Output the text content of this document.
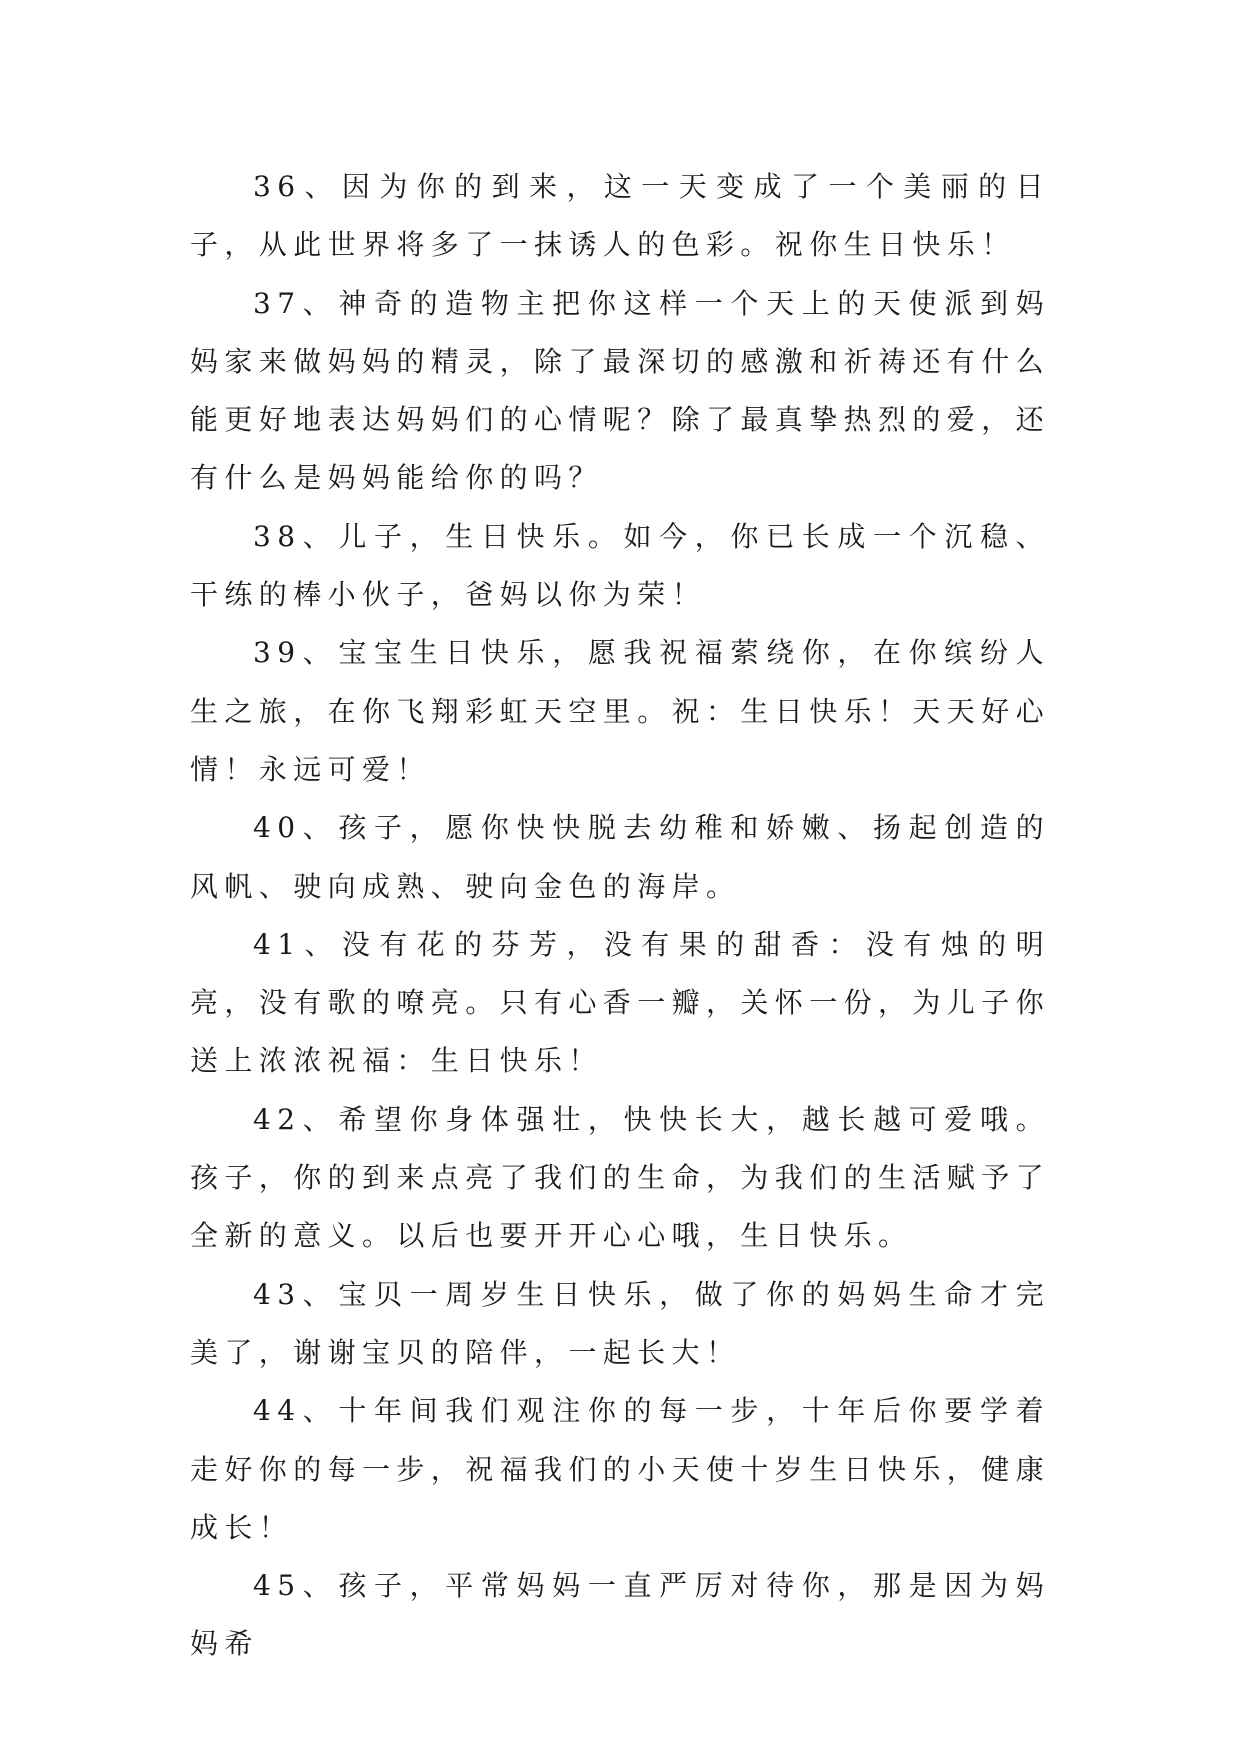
36、因为你的到来，这一天变成了一个美丽的日子，从此世界将多了一抹诱人的色彩。祝你生日快乐！

37、神奇的造物主把你这样一个天上的天使派到妈妈家来做妈妈的精灵，除了最深切的感激和祈祷还有什么能更好地表达妈妈们的心情呢？除了最真挚热烈的爱，还有什么是妈妈能给你的吗？

38、儿子，生日快乐。如今，你已长成一个沉稳、干练的棒小伙子，爸妈以你为荣！

39、宝宝生日快乐，愿我祝福萦绕你，在你缤纷人生之旅，在你飞翔彩虹天空里。祝：生日快乐！天天好心情！永远可爱！

40、孩子，愿你快快脱去幼稚和娇嫩、扬起创造的风帆、驶向成熟、驶向金色的海岸。

41、没有花的芬芳，没有果的甜香：没有烛的明亮，没有歌的嘹亮。只有心香一瓣，关怀一份，为儿子你送上浓浓祝福：生日快乐！

42、希望你身体强壮，快快长大，越长越可爱哦。孩子，你的到来点亮了我们的生命，为我们的生活赋予了全新的意义。以后也要开开心心哦，生日快乐。

43、宝贝一周岁生日快乐，做了你的妈妈生命才完美了，谢谢宝贝的陪伴，一起长大！

44、十年间我们观注你的每一步，十年后你要学着走好你的每一步，祝福我们的小天使十岁生日快乐，健康成长！

45、孩子，平常妈妈一直严厉对待你，那是因为妈妈希
